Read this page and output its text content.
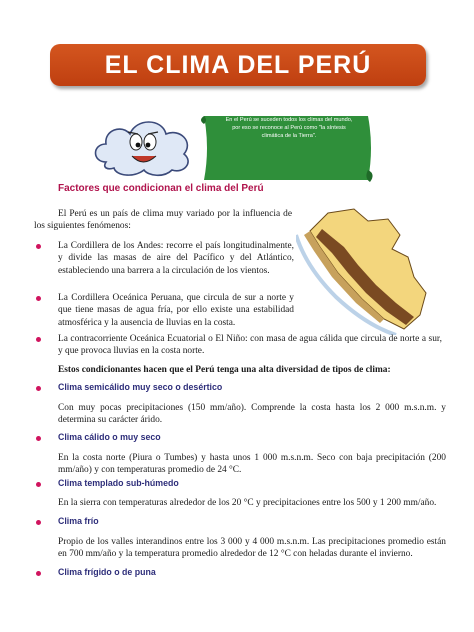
EL CLIMA DEL PERÚ
En el Perú se suceden todos los climas del mundo, por eso se reconoce al Perú como "la síntesis climática de la Tierra".
Factores que condicionan el clima del Perú
El Perú es un país de clima muy variado por la influencia de los siguientes fenómenos:
La Cordillera de los Andes: recorre el país longitudinalmente, y divide las masas de aire del Pacífico y del Atlántico, estableciendo una barrera a la circulación de los vientos.
La Cordillera Oceánica Peruana, que circula de sur a norte y que tiene masas de agua fría, por ello existe una estabilidad atmosférica y la ausencia de lluvias en la costa.
La contracorriente Oceánica Ecuatorial o El Niño: con masa de agua cálida que circula de norte a sur, y que provoca lluvias en la costa norte.
Estos condicionantes hacen que el Perú tenga una alta diversidad de tipos de clima:
Clima semicálido muy seco o desértico
Con muy pocas precipitaciones (150 mm/año). Comprende la costa hasta los 2 000 m.s.n.m. y determina su carácter árido.
Clima cálido o muy seco
En la costa norte (Piura o Tumbes) y hasta unos 1 000 m.s.n.m. Seco con baja precipitación (200 mm/año) y con temperaturas promedio de 24 °C.
Clima templado sub-húmedo
En la sierra con temperaturas alrededor de los 20 °C y precipitaciones entre los 500 y 1 200 mm/año.
Clima frío
Propio de los valles interandinos entre los 3 000 y 4 000 m.s.n.m. Las precipitaciones promedio están en 700 mm/año y la temperatura promedio alrededor de 12 °C con heladas durante el invierno.
Clima frígido o de puna
